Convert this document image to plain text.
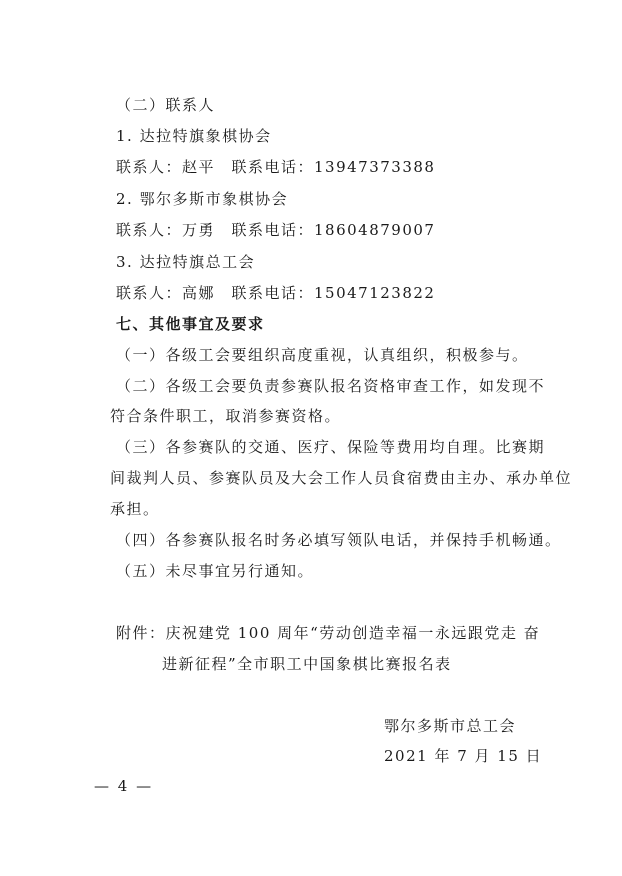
（二）联系人
1. 达拉特旗象棋协会
联系人：赵平　联系电话：13947373388
2. 鄂尔多斯市象棋协会
联系人：万勇　联系电话：18604879007
3. 达拉特旗总工会
联系人：高娜　联系电话：15047123822
七、其他事宜及要求
（一）各级工会要组织高度重视，认真组织，积极参与。
（二）各级工会要负责参赛队报名资格审查工作，如发现不
符合条件职工，取消参赛资格。
（三）各参赛队的交通、医疗、保险等费用均自理。比赛期
间裁判人员、参赛队员及大会工作人员食宿费由主办、承办单位
承担。
（四）各参赛队报名时务必填写领队电话，并保持手机畅通。
（五）未尽事宜另行通知。
附件：庆祝建党 100 周年“劳动创造幸福一永远跟党走 奋
进新征程”全市职工中国象棋比赛报名表
鄂尔多斯市总工会
2021 年 7 月 15 日
— 4 —
